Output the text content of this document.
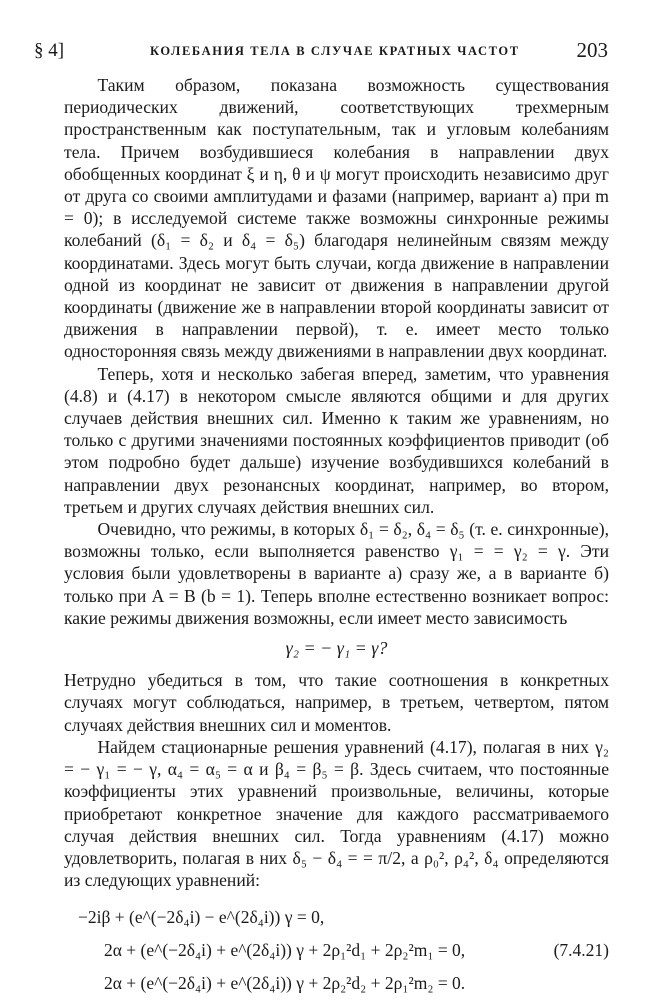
§ 4]	КОЛЕБАНИЯ ТЕЛА В СЛУЧАЕ КРАТНЫХ ЧАСТОТ	203

Таким образом, показана возможность существования периодических движений, соответствующих трехмерным пространственным как поступательным, так и угловым колебаниям тела. Причем возбудившиеся колебания в направлении двух обобщенных координат ξ и η, θ и ψ могут происходить независимо друг от друга со своими амплитудами и фазами (например, вариант а) при m = 0); в исследуемой системе также возможны синхронные режимы колебаний (δ₁ = δ₂ и δ₄ = δ₅) благодаря нелинейным связям между координатами. Здесь могут быть случаи, когда движение в направлении одной из координат не зависит от движения в направлении другой координаты (движение же в направлении второй координаты зависит от движения в направлении первой), т. е. имеет место только односторонняя связь между движениями в направлении двух координат.

Теперь, хотя и несколько забегая вперед, заметим, что уравнения (4.8) и (4.17) в некотором смысле являются общими и для других случаев действия внешних сил. Именно к таким же уравнениям, но только с другими значениями постоянных коэффициентов приводит (об этом подробно будет дальше) изучение возбудившихся колебаний в направлении двух резонансных координат, например, во втором, третьем и других случаях действия внешних сил.

Очевидно, что режимы, в которых δ₁ = δ₂, δ₄ = δ₅ (т. е. синхронные), возможны только, если выполняется равенство γ₁ = = γ₂ = γ. Эти условия были удовлетворены в варианте а) сразу же, а в варианте б) только при A = B (b = 1). Теперь вполне естественно возникает вопрос: какие режимы движения возможны, если имеет место зависимость

γ₂ = − γ₁ = γ?

Нетрудно убедиться в том, что такие соотношения в конкретных случаях могут соблюдаться, например, в третьем, четвертом, пятом случаях действия внешних сил и моментов.

Найдем стационарные решения уравнений (4.17), полагая в них γ₂ = − γ₁ = − γ, α₄ = α₅ = α и β₄ = β₅ = β. Здесь считаем, что постоянные коэффициенты этих уравнений произвольные, величины, которые приобретают конкретное значение для каждого рассматриваемого случая действия внешних сил. Тогда уравнениям (4.17) можно удовлетворить, полагая в них δ₅ − δ₄ = = π/2, а ρ₀², ρ₄², δ₄ определяются из следующих уравнений:

−2iβ + (e^(−2δ₄i) − e^(2δ₄i)) γ = 0,
2α + (e^(−2δ₄i) + e^(2δ₄i)) γ + 2ρ₁²d₁ + 2ρ₂²m₁ = 0,	(7.4.21)
2α + (e^(−2δ₄i) + e^(2δ₄i)) γ + 2ρ₂²d₂ + 2ρ₁²m₂ = 0.
